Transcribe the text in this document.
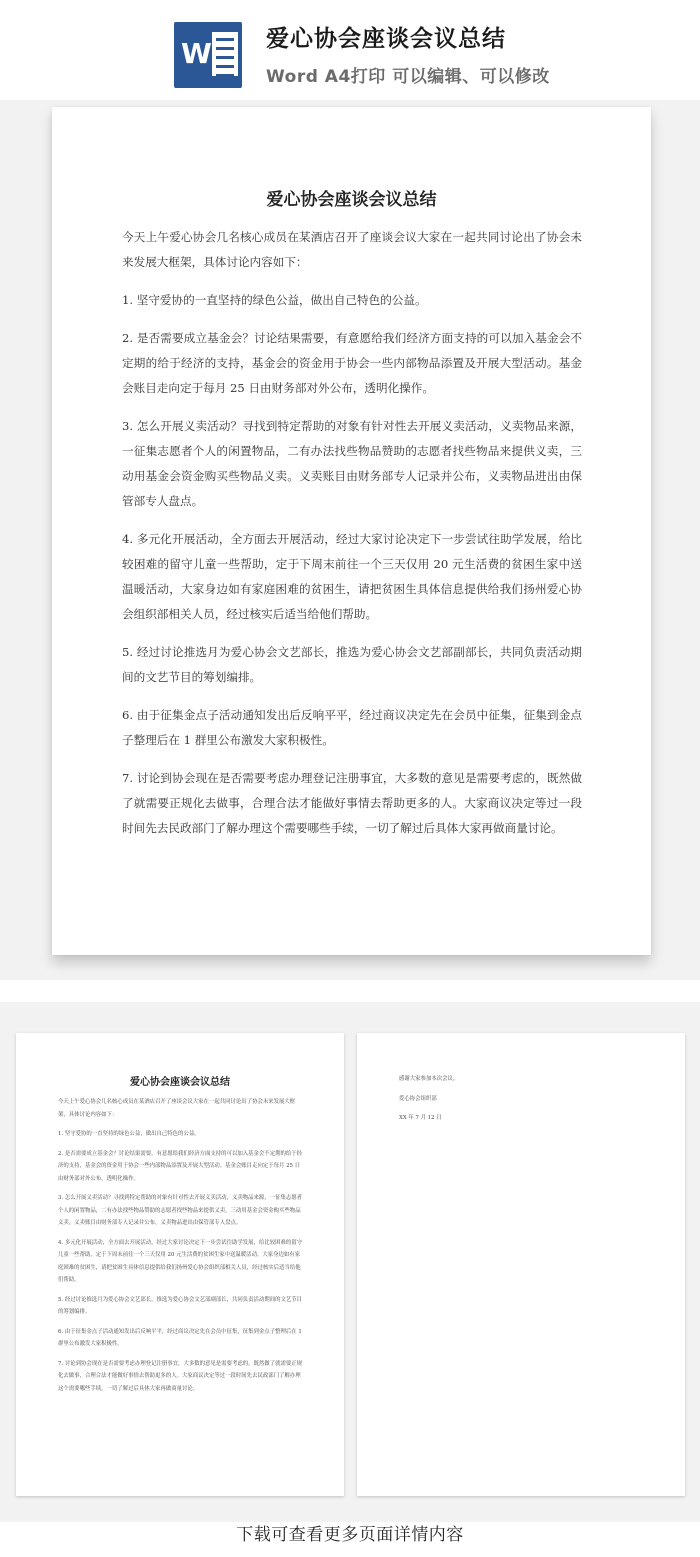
W 爱心协会座谈会议总结
Word A4打印 可以编辑、可以修改
爱心协会座谈会议总结

今天上午爱心协会几名核心成员在某酒店召开了座谈会议大家在一起共同讨论出了协会未来发展大框架，具体讨论内容如下：

1. 坚守爱协的一直坚持的绿色公益，做出自己特色的公益。

2. 是否需要成立基金会？讨论结果需要，有意愿给我们经济方面支持的可以加入基金会不定期的给于经济的支持，基金会的资金用于协会一些内部物品添置及开展大型活动。基金会账目走向定于每月 25 日由财务部对外公布，透明化操作。

3. 怎么开展义卖活动？寻找到特定帮助的对象有针对性去开展义卖活动，义卖物品来源，一征集志愿者个人的闲置物品，二有办法找些物品赞助的志愿者找些物品来提供义卖，三动用基金会资金购买些物品义卖。义卖账目由财务部专人记录并公布，义卖物品进出由保管部专人盘点。

4. 多元化开展活动，全方面去开展活动，经过大家讨论决定下一步尝试往助学发展，给比较困难的留守儿童一些帮助，定于下周末前往一个三天仅用 20 元生活费的贫困生家中送温暖活动，大家身边如有家庭困难的贫困生，请把贫困生具体信息提供给我们扬州爱心协会组织部相关人员，经过核实后适当给他们帮助。

5. 经过讨论推选月为爱心协会文艺部长，推选为爱心协会文艺部副部长，共同负责活动期间的文艺节目的筹划编排。

6. 由于征集金点子活动通知发出后反响平平，经过商议决定先在会员中征集，征集到金点子整理后在 1 群里公布激发大家积极性。

7. 讨论到协会现在是否需要考虑办理登记注册事宜，大多数的意见是需要考虑的，既然做了就需要正规化去做事，合理合法才能做好事情去帮助更多的人。大家商议决定等过一段时间先去民政部门了解办理这个需要哪些手续，一切了解过后具体大家再做商量讨论。

爱心协会座谈会议总结

今天上午爱心协会几名核心成员在某酒店召开了座谈会议大家在一起共同讨论出了协会未来发展大框架，具体讨论内容如下：

1. 坚守爱协的一直坚持的绿色公益，做出自己特色的公益。

2. 是否需要成立基金会？讨论结果需要，有意愿给我们经济方面支持的可以加入基金会不定期的给于经济的支持，基金会的资金用于协会一些内部物品添置及开展大型活动。基金会账目走向定于每月 25 日由财务部对外公布，透明化操作。

3. 怎么开展义卖活动？寻找到特定帮助的对象有针对性去开展义卖活动，义卖物品来源，一征集志愿者个人的闲置物品，二有办法找些物品赞助的志愿者找些物品来提供义卖，三动用基金会资金购买些物品义卖。义卖账目由财务部专人记录并公布，义卖物品进出由保管部专人盘点。

4. 多元化开展活动，全方面去开展活动，经过大家讨论决定下一步尝试往助学发展，给比较困难的留守儿童一些帮助，定于下周末前往一个三天仅用 20 元生活费的贫困生家中送温暖活动，大家身边如有家庭困难的贫困生，请把贫困生具体信息提供给我们扬州爱心协会组织部相关人员，经过核实后适当给他们帮助。

5. 经过讨论推选月为爱心协会文艺部长，推选为爱心协会文艺部副部长，共同负责活动期间的文艺节目的筹划编排。

6. 由于征集金点子活动通知发出后反响平平，经过商议决定先在会员中征集，征集到金点子整理后在 1 群里公布激发大家积极性。

7. 讨论到协会现在是否需要考虑办理登记注册事宜，大多数的意见是需要考虑的，既然做了就需要正规化去做事，合理合法才能做好事情去帮助更多的人。大家商议决定等过一段时间先去民政部门了解办理这个需要哪些手续，一切了解过后具体大家再做商量讨论。

感谢大家参加本次会议。

爱心协会组织部

XX 年 7 月 12 日

下载可查看更多页面详情内容
